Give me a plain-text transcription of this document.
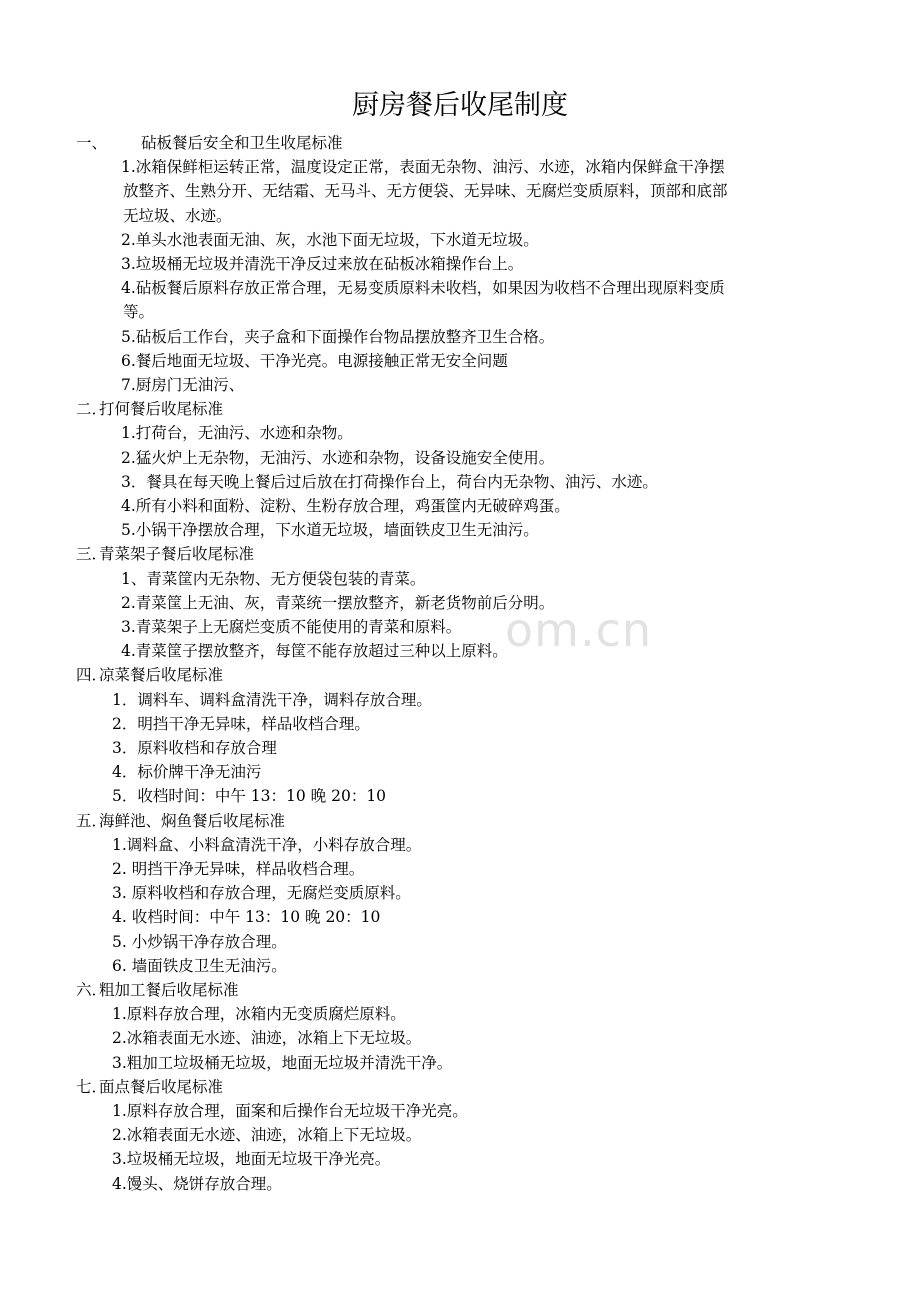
厨房餐后收尾制度
一、 砧板餐后安全和卫生收尾标准
1.冰箱保鲜柜运转正常，温度设定正常，表面无杂物、油污、水迹，冰箱内保鲜盒干净摆
放整齐、生熟分开、无结霜、无马斗、无方便袋、无异味、无腐烂变质原料，顶部和底部
无垃圾、水迹。
2.单头水池表面无油、灰，水池下面无垃圾，下水道无垃圾。
3.垃圾桶无垃圾并清洗干净反过来放在砧板冰箱操作台上。
4.砧板餐后原料存放正常合理，无易变质原料未收档，如果因为收档不合理出现原料变质
等。
5.砧板后工作台，夹子盒和下面操作台物品摆放整齐卫生合格。
6.餐后地面无垃圾、干净光亮。电源接触正常无安全问题
7.厨房门无油污、
二．
打何餐后收尾标准
1.打荷台，无油污、水迹和杂物。
2.猛火炉上无杂物，无油污、水迹和杂物，设备设施安全使用。
3．餐具在每天晚上餐后过后放在打荷操作台上，荷台内无杂物、油污、水迹。
4.所有小料和面粉、淀粉、生粉存放合理，鸡蛋筐内无破碎鸡蛋。
5.小锅干净摆放合理，下水道无垃圾，墙面铁皮卫生无油污。
三．
青菜架子餐后收尾标准
1、青菜筐内无杂物、无方便袋包装的青菜。
2.青菜筐上无油、灰，青菜统一摆放整齐，新老货物前后分明。
3.青菜架子上无腐烂变质不能使用的青菜和原料。
4.青菜筐子摆放整齐，每筐不能存放超过三种以上原料。
四．
凉菜餐后收尾标准
1．调料车、调料盒清洗干净，调料存放合理。
2．明挡干净无异味，样品收档合理。
3．原料收档和存放合理
4．标价牌干净无油污
5．收档时间：中午 13：10 晚 20：10
五．
海鲜池、焖鱼餐后收尾标准
1.调料盒、小料盒清洗干净，小料存放合理。
2. 明挡干净无异味，样品收档合理。
3. 原料收档和存放合理，无腐烂变质原料。
4. 收档时间：中午 13：10 晚 20：10
5. 小炒锅干净存放合理。
6. 墙面铁皮卫生无油污。
六．
粗加工餐后收尾标准
1.原料存放合理，冰箱内无变质腐烂原料。
2.冰箱表面无水迹、油迹，冰箱上下无垃圾。
3.粗加工垃圾桶无垃圾，地面无垃圾并清洗干净。
七．
面点餐后收尾标准
1.原料存放合理，面案和后操作台无垃圾干净光亮。
2.冰箱表面无水迹、油迹，冰箱上下无垃圾。
3.垃圾桶无垃圾，地面无垃圾干净光亮。
4.馒头、烧饼存放合理。
om.cn
